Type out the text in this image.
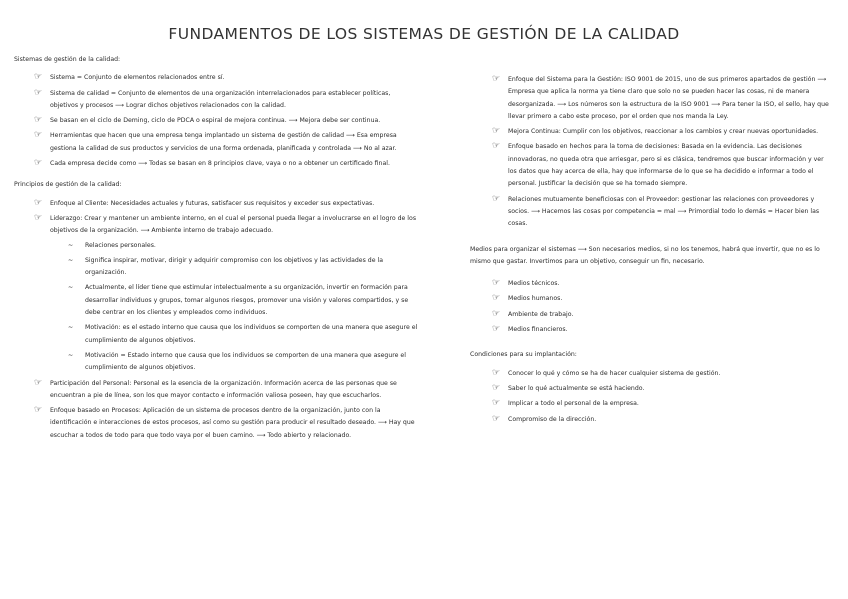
FUNDAMENTOS DE LOS SISTEMAS DE GESTIÓN DE LA CALIDAD
Sistemas de gestión de la calidad:
☞ Sistema = Conjunto de elementos relacionados entre sí.
☞ Sistema de calidad = Conjunto de elementos de una organización interrelacionados para establecer políticas, objetivos y procesos ⟶ Lograr dichos objetivos relacionados con la calidad.
☞ Se basan en el ciclo de Deming, ciclo de PDCA o espiral de mejora continua. ⟶ Mejora debe ser continua.
☞ Herramientas que hacen que una empresa tenga implantado un sistema de gestión de calidad ⟶ Esa empresa gestiona la calidad de sus productos y servicios de una forma ordenada, planificada y controlada ⟶ No al azar.
☞ Cada empresa decide como ⟶ Todas se basan en 8 principios clave, vaya o no a obtener un certificado final.
Principios de gestión de la calidad:
☞ Enfoque al Cliente: Necesidades actuales y futuras, satisfacer sus requisitos y exceder sus expectativas.
☞ Liderazgo: Crear y mantener un ambiente interno, en el cual el personal pueda llegar a involucrarse en el logro de los objetivos de la organización. ⟶ Ambiente interno de trabajo adecuado.
~ Relaciones personales.
~ Significa inspirar, motivar, dirigir y adquirir compromiso con los objetivos y las actividades de la organización.
~ Actualmente, el líder tiene que estimular intelectualmente a su organización, invertir en formación para desarrollar individuos y grupos, tomar algunos riesgos, promover una visión y valores compartidos, y se debe centrar en los clientes y empleados como individuos.
~ Motivación: es el estado interno que causa que los individuos se comporten de una manera que asegure el cumplimiento de algunos objetivos.
~ Motivación = Estado interno que causa que los individuos se comporten de una manera que asegure el cumplimiento de algunos objetivos.
☞ Participación del Personal: Personal es la esencia de la organización. Información acerca de las personas que se encuentran a pie de línea, son los que mayor contacto e información valiosa poseen, hay que escucharlos.
☞ Enfoque basado en Procesos: Aplicación de un sistema de procesos dentro de la organización, junto con la identificación e interacciones de estos procesos, así como su gestión para producir el resultado deseado. ⟶ Hay que escuchar a todos de todo para que todo vaya por el buen camino. ⟶ Todo abierto y relacionado.
☞ Enfoque del Sistema para la Gestión: ISO 9001 de 2015, uno de sus primeros apartados de gestión ⟶ Empresa que aplica la norma ya tiene claro que solo no se pueden hacer las cosas, ni de manera desorganizada. ⟶ Los números son la estructura de la ISO 9001 ⟶ Para tener la ISO, el sello, hay que llevar primero a cabo este proceso, por el orden que nos manda la Ley.
☞ Mejora Continua: Cumplir con los objetivos, reaccionar a los cambios y crear nuevas oportunidades.
☞ Enfoque basado en hechos para la toma de decisiones: Basada en la evidencia. Las decisiones innovadoras, no queda otra que arriesgar, pero si es clásica, tendremos que buscar información y ver los datos que hay acerca de ella, hay que informarse de lo que se ha decidido e informar a todo el personal. Justificar la decisión que se ha tomado siempre.
☞ Relaciones mutuamente beneficiosas con el Proveedor: gestionar las relaciones con proveedores y socios. ⟶ Hacemos las cosas por competencia = mal ⟶ Primordial todo lo demás = Hacer bien las cosas.

Medios para organizar el sistemas ⟶ Son necesarios medios, si no los tenemos, habrá que invertir, que no es lo mismo que gastar. Invertimos para un objetivo, conseguir un fin, necesario.

☞ Medios técnicos.
☞ Medios humanos.
☞ Ambiente de trabajo.
☞ Medios financieros.
Condiciones para su implantación:
☞ Conocer lo qué y cómo se ha de hacer cualquier sistema de gestión.
☞ Saber lo qué actualmente se está haciendo.
☞ Implicar a todo el personal de la empresa.
☞ Compromiso de la dirección.
